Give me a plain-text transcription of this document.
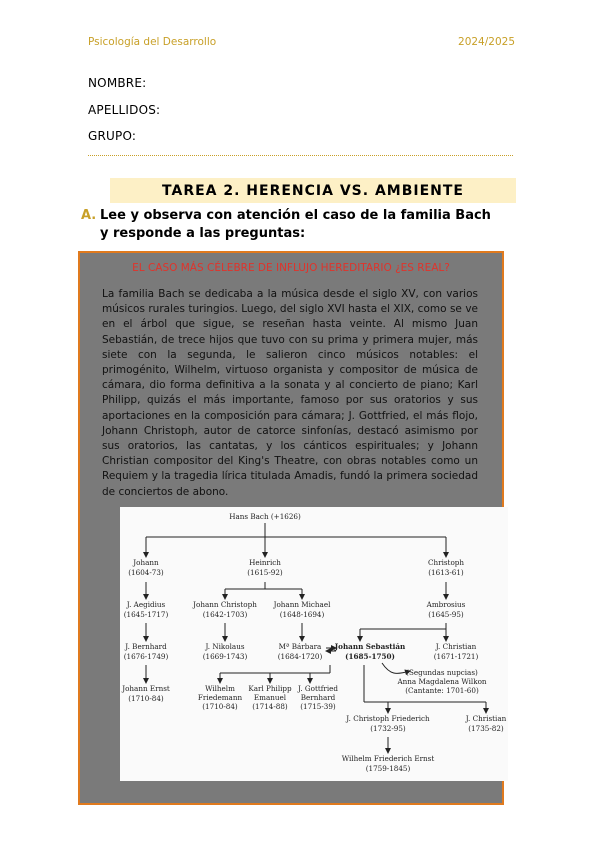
Psicología del Desarrollo	2024/2025
NOMBRE:
APELLIDOS:
GRUPO:
TAREA 2. HERENCIA VS. AMBIENTE
A. Lee y observa con atención el caso de la familia Bach y responde a las preguntas:
EL CASO MÁS CÉLEBRE DE INFLUJO HEREDITARIO ¿ES REAL?
La familia Bach se dedicaba a la música desde el siglo XV, con varios músicos rurales turingios. Luego, del siglo XVI hasta el XIX, como se ve en el árbol que sigue, se reseñan hasta veinte. Al mismo Juan Sebastián, de trece hijos que tuvo con su prima y primera mujer, más siete con la segunda, le salieron cinco músicos notables: el primogénito, Wilhelm, virtuoso organista y compositor de música de cámara, dio forma definitiva a la sonata y al concierto de piano; Karl Philipp, quizás el más importante, famoso por sus oratorios y sus aportaciones en la composición para cámara; J. Gottfried, el más flojo, Johann Christoph, autor de catorce sinfonías, destacó asimismo por sus oratorios, las cantatas, y los cánticos espirituales; y Johann Christian compositor del King's Theatre, con obras notables como un Requiem y la tragedia lírica titulada Amadis, fundó la primera sociedad de conciertos de abono.
Hans Bach (+1626)
Johann
(1604-73)
Heinrich
(1615-92)
Christoph
(1613-61)
J. Aegidius
(1645-1717)
Johann Christoph
(1642-1703)
Johann Michael
(1648-1694)
Ambrosius
(1645-95)
J. Bernhard
(1676-1749)
J. Nikolaus
(1669-1743)
Mª Bárbara
(1684-1720)
Johann Sebastián
(1685-1750)
J. Christian
(1671-1721)
Johann Ernst
(1710-84)
Wilhelm
Friedemann
(1710-84)
Karl Philipp
Emanuel
(1714-88)
J. Gottfried
Bernhard
(1715-39)
(Segundas nupcias)
Anna Magdalena Wilkon
(Cantante: 1701-60)
J. Christoph Friederich
(1732-95)
J. Christian
(1735-82)
Wilhelm Friederich Ernst
(1759-1845)
